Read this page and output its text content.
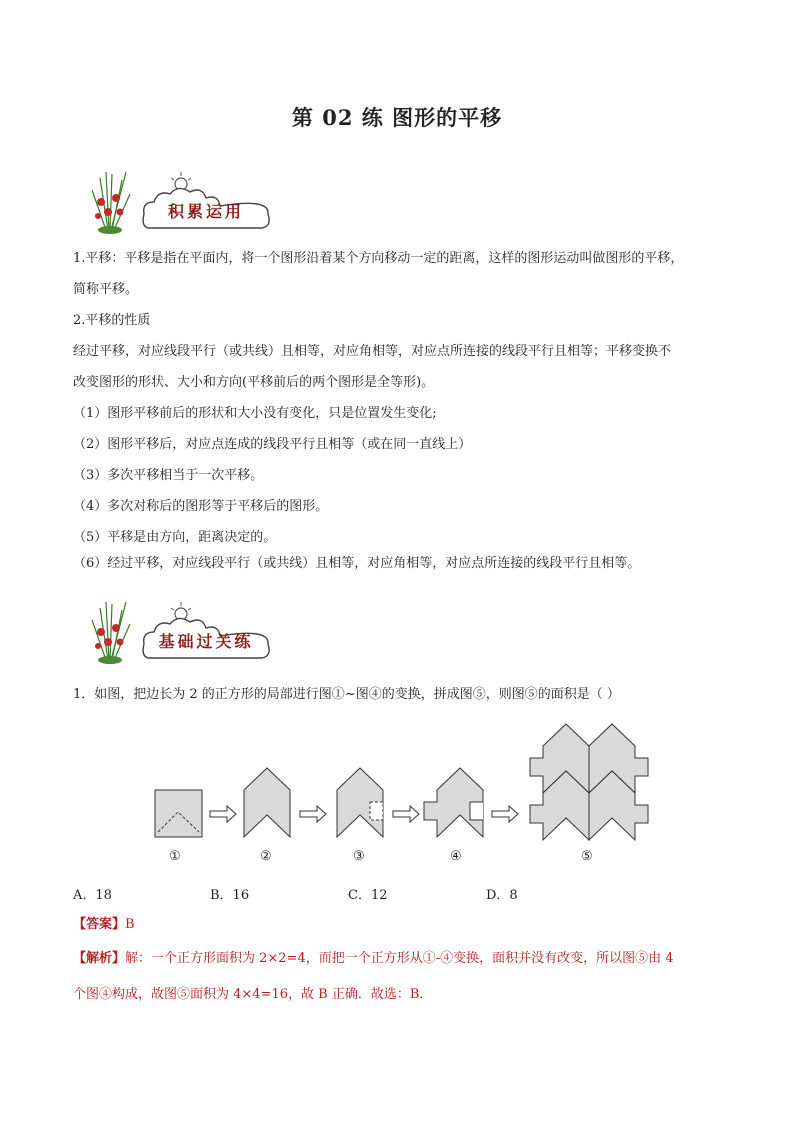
第 02 练 图形的平移
积累运用
1.平移：平移是指在平面内，将一个图形沿着某个方向移动一定的距离，这样的图形运动叫做图形的平移，
简称平移。
2.平移的性质
经过平移，对应线段平行（或共线）且相等，对应角相等，对应点所连接的线段平行且相等；平移变换不
改变图形的形状、大小和方向(平移前后的两个图形是全等形)。
（1）图形平移前后的形状和大小没有变化，只是位置发生变化;
（2）图形平移后，对应点连成的线段平行且相等（或在同一直线上）
（3）多次平移相当于一次平移。
（4）多次对称后的图形等于平移后的图形。
（5）平移是由方向，距离决定的。
（6）经过平移，对应线段平行（或共线）且相等，对应角相等，对应点所连接的线段平行且相等。
基础过关练
1．如图，把边长为 2 的正方形的局部进行图①~图④的变换，拼成图⑤，则图⑤的面积是（ ）
①	②	③	④	⑤
A．18	B．16	C．12	D．8
【答案】B
【解析】解：一个正方形面积为 2×2=4，而把一个正方形从①-④变换，面积并没有改变，所以图⑤由 4
个图④构成，故图⑤面积为 4×4=16，故 B 正确．故选：B．
